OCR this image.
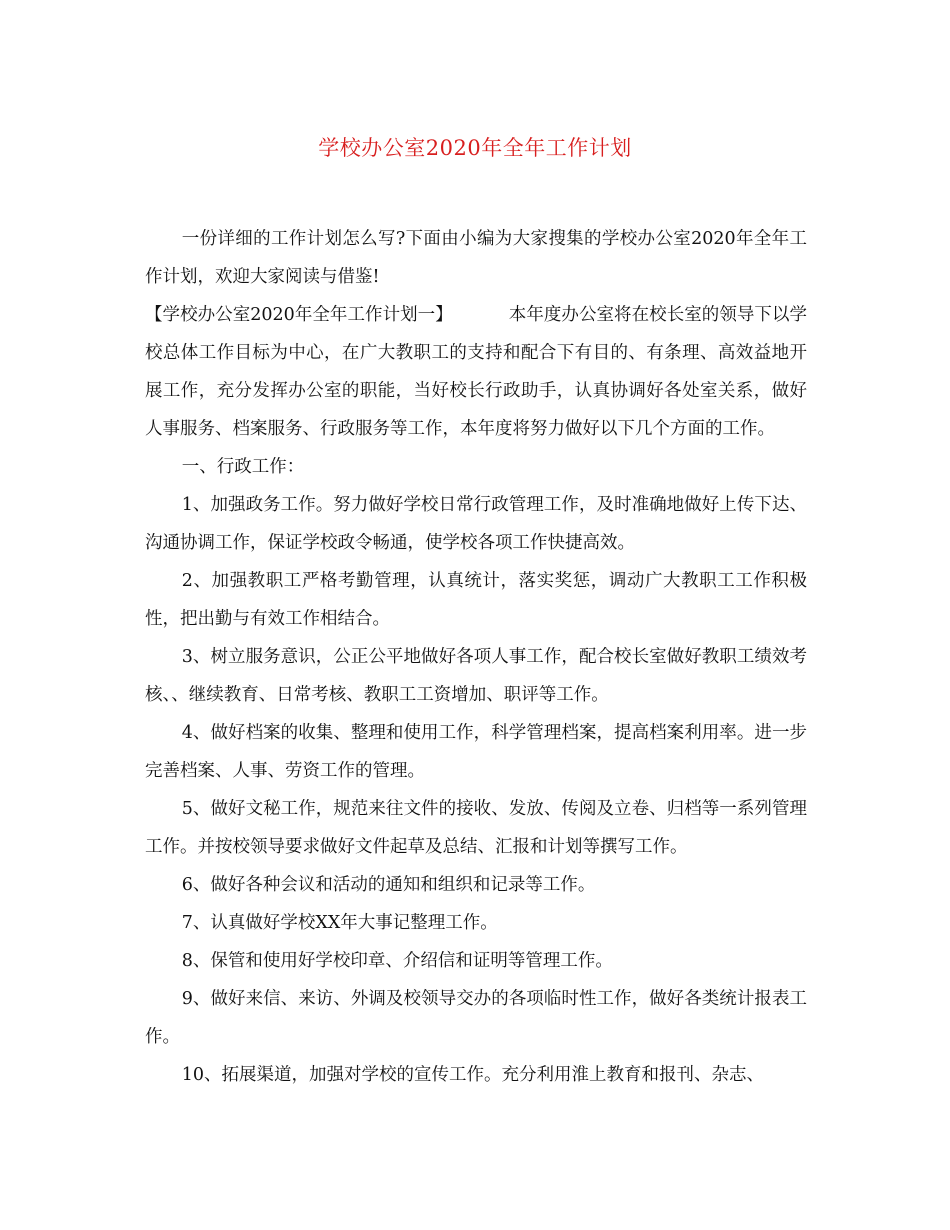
学校办公室2020年全年工作计划

一份详细的工作计划怎么写?下面由小编为大家搜集的学校办公室2020年全年工作计划，欢迎大家阅读与借鉴!

【学校办公室2020年全年工作计划一】	本年度办公室将在校长室的领导下以学校总体工作目标为中心，在广大教职工的支持和配合下有目的、有条理、高效益地开展工作，充分发挥办公室的职能，当好校长行政助手，认真协调好各处室关系，做好人事服务、档案服务、行政服务等工作，本年度将努力做好以下几个方面的工作。

一、行政工作：

1、加强政务工作。努力做好学校日常行政管理工作，及时准确地做好上传下达、沟通协调工作，保证学校政令畅通，使学校各项工作快捷高效。

2、加强教职工严格考勤管理，认真统计，落实奖惩，调动广大教职工工作积极性，把出勤与有效工作相结合。

3、树立服务意识，公正公平地做好各项人事工作，配合校长室做好教职工绩效考核、、继续教育、日常考核、教职工工资增加、职评等工作。

4、做好档案的收集、整理和使用工作，科学管理档案，提高档案利用率。进一步完善档案、人事、劳资工作的管理。

5、做好文秘工作，规范来往文件的接收、发放、传阅及立卷、归档等一系列管理工作。并按校领导要求做好文件起草及总结、汇报和计划等撰写工作。

6、做好各种会议和活动的通知和组织和记录等工作。

7、认真做好学校XX年大事记整理工作。

8、保管和使用好学校印章、介绍信和证明等管理工作。

9、做好来信、来访、外调及校领导交办的各项临时性工作，做好各类统计报表工作。

10、拓展渠道，加强对学校的宣传工作。充分利用淮上教育和报刊、杂志、
